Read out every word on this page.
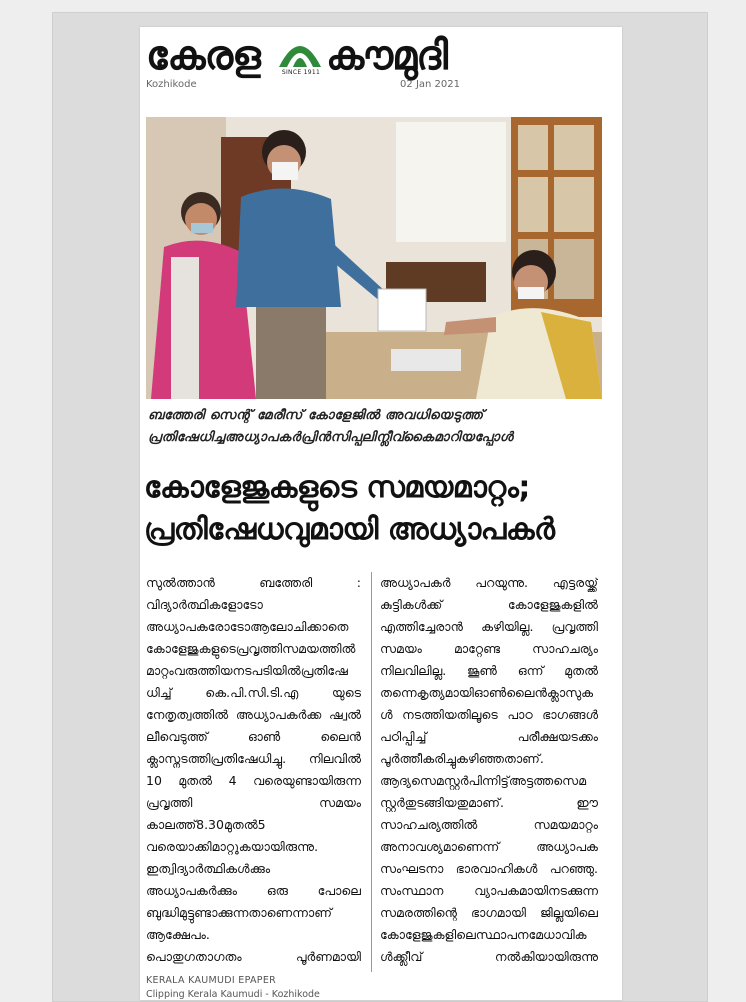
കേരള	SINCE 1911 കൗമുദി
Kozhikode	02 Jan 2021
ബത്തേരി സെന്റ് മേരീസ് കോളേജിൽ അവധിയെടുത്ത്
പ്രതിഷേധിച്ചഅധ്യാപകർപ്രിൻസിപ്പലിന്ലീവ്കൈമാറിയപ്പോൾ
കോളേജുകളുടെ സമയമാറ്റം;
പ്രതിഷേധവുമായി അധ്യാപകർ

സുൽത്താൻ ബത്തേരി : വിദ്യാർത്ഥികളോടോ അധ്യാപകരോടോആലോചിക്കാതെകോളേജുകളുടെപ്രവൃത്തിസമയത്തിൽമാറ്റംവരുത്തിയനടപടിയിൽപ്രതിഷേധിച്ച് കെ.പി.സി.ടി.എ യുടെ നേതൃത്വത്തിൽ അധ്യാപകർക്ക ഷ്വൽ ലീവെടുത്ത് ഓൺ ലൈൻ ക്ലാസ്നടത്തിപ്രതിഷേധിച്ചു. നിലവിൽ 10 മുതൽ 4 വരെയുണ്ടായിരുന്ന പ്രവൃത്തി സമയം കാലത്ത്8.30മുതൽ5 വരെയാക്കിമാറ്റുകയായിരുന്നു. ഇത്വിദ്യാർത്ഥികൾക്കും അധ്യാപകർക്കും ഒരു പോലെ ബുദ്ധിമുട്ടുണ്ടാക്കുന്നതാണെന്നാണ് ആക്ഷേപം.

പൊതുഗതാഗതം പൂർണമായി

അധ്യാപകർ പറയുന്നു. എട്ടരയ്ക്ക് കുട്ടികൾക്ക് കോളേജുകളിൽ എത്തിച്ചേരാൻ കഴിയില്ല. പ്രവൃത്തി സമയം മാറ്റേണ്ട സാഹചര്യം നിലവിലില്ല. ജൂൺ ഒന്ന് മുതൽ തന്നെകൃത്യമായിഓൺലൈൻക്ലാസുകൾ നടത്തിയതിലൂടെ പാഠ ഭാഗങ്ങൾ പഠിപ്പിച്ച് പരീക്ഷയടക്കം പൂർത്തീകരിച്ചുകഴിഞ്ഞതാണ്. ആദ്യസെമസ്റ്റർപിന്നിട്ട്അട്ടത്തസെമസ്റ്റർതുടങ്ങിയതുമാണ്. ഈ സാഹചര്യത്തിൽ സമയമാറ്റം അനാവശ്യമാണെന്ന് അധ്യാപക സംഘടനാ ഭാരവാഹികൾ പറഞ്ഞു. സംസ്ഥാന വ്യാപകമായിനടക്കുന്ന സമരത്തിന്റെ ഭാഗമായി ജില്ലയിലെ കോളേജുകളിലെസ്ഥാപനമേധാവികൾക്ക്ലീവ് നൽകിയായിരുന്നു

KERALA KAUMUDI EPAPER
Clipping Kerala Kaumudi - Kozhikode
